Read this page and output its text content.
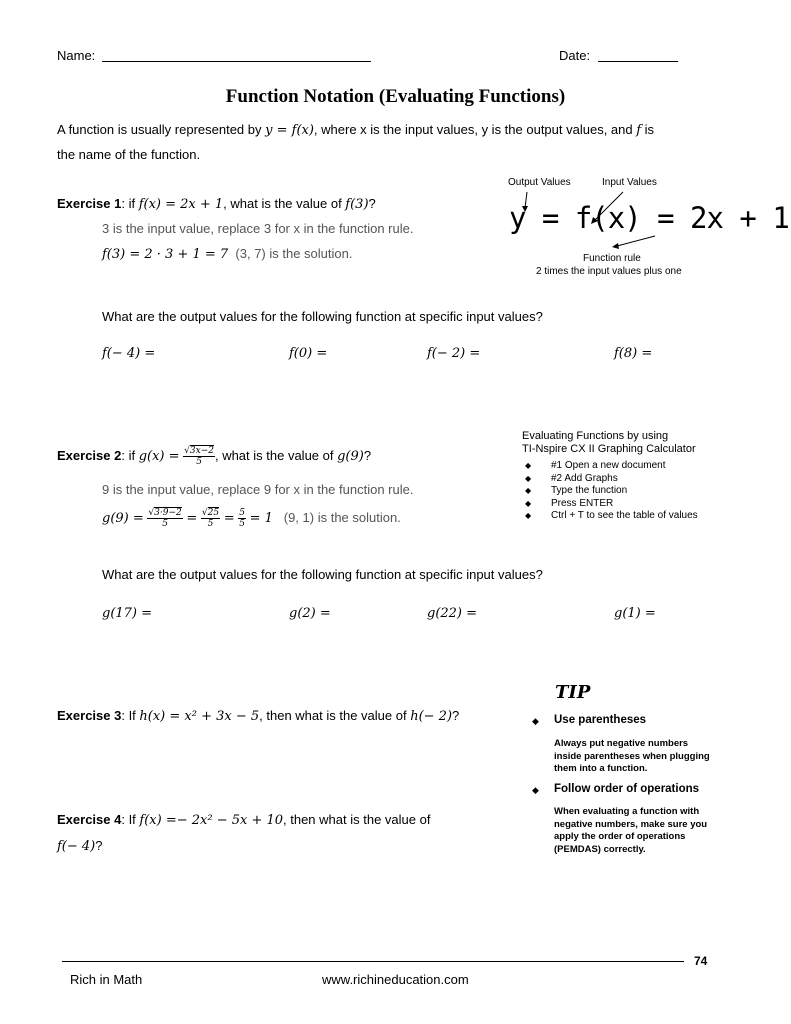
Name:	Date:
Function Notation (Evaluating Functions)
A function is usually represented by y = f(x), where x is the input values, y is the output values, and f is
the name of the function.
Output Values	Input Values
y = f(x) = 2x + 1
Function rule
2 times the input values plus one
Exercise 1: if f(x) = 2x + 1, what is the value of f(3)?
3 is the input value, replace 3 for x in the function rule.
f(3) = 2 · 3 + 1 = 7 (3, 7) is the solution.
What are the output values for the following function at specific input values?
f(− 4) =	f(0) =	f(− 2) =	f(8) =
Evaluating Functions by using
TI-Nspire CX II Graphing Calculator
◆ #1 Open a new document
◆ #2 Add Graphs
◆ Type the function
◆ Press ENTER
◆ Ctrl + T to see the table of values
Exercise 2: if $g(x) = \frac{√3x-2}{5}$ , what is the value of g(9)?
9 is the input value, replace 9 for x in the function rule.
$g(9) = \frac{√3\cdot 9-2}{5} = \frac{√25}{5} = \frac{5}{5} = 1$ (9, 1) is the solution.
What are the output values for the following function at specific input values?
g(17) =	g(2) =	g(22) =	g(1) =
TIP
◆ Use parentheses
Always put negative numbers inside parentheses when plugging them into a function.
◆ Follow order of operations
When evaluating a function with negative numbers, make sure you apply the order of operations (PEMDAS) correctly.
Exercise 3: If h(x) = x² + 3x − 5, then what is the value of h(− 2)?
Exercise 4: If f(x) =− 2x² − 5x + 10, then what is the value of
f(− 4)?
74
Rich in Math	www.richineducation.com
